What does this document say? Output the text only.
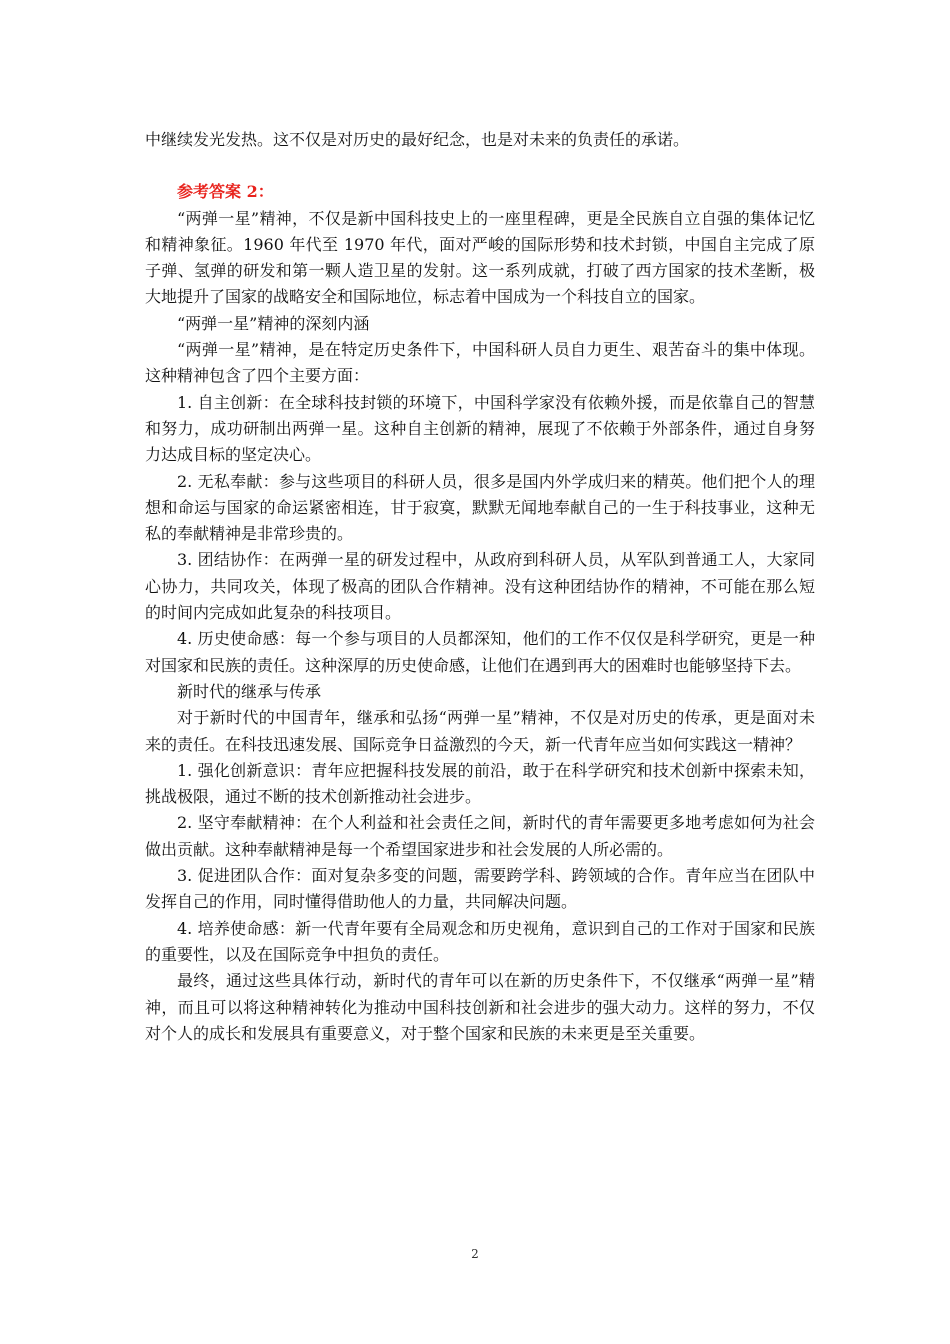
中继续发光发热。这不仅是对历史的最好纪念，也是对未来的负责任的承诺。

参考答案 2：

“两弹一星”精神，不仅是新中国科技史上的一座里程碑，更是全民族自立自强的集体记忆和精神象征。1960 年代至 1970 年代，面对严峻的国际形势和技术封锁，中国自主完成了原子弹、氢弹的研发和第一颗人造卫星的发射。这一系列成就，打破了西方国家的技术垄断，极大地提升了国家的战略安全和国际地位，标志着中国成为一个科技自立的国家。

“两弹一星”精神的深刻内涵

“两弹一星”精神，是在特定历史条件下，中国科研人员自力更生、艰苦奋斗的集中体现。这种精神包含了四个主要方面：

1. 自主创新：在全球科技封锁的环境下，中国科学家没有依赖外援，而是依靠自己的智慧和努力，成功研制出两弹一星。这种自主创新的精神，展现了不依赖于外部条件，通过自身努力达成目标的坚定决心。

2. 无私奉献：参与这些项目的科研人员，很多是国内外学成归来的精英。他们把个人的理想和命运与国家的命运紧密相连，甘于寂寞，默默无闻地奉献自己的一生于科技事业，这种无私的奉献精神是非常珍贵的。

3. 团结协作：在两弹一星的研发过程中，从政府到科研人员，从军队到普通工人，大家同心协力，共同攻关，体现了极高的团队合作精神。没有这种团结协作的精神，不可能在那么短的时间内完成如此复杂的科技项目。

4. 历史使命感：每一个参与项目的人员都深知，他们的工作不仅仅是科学研究，更是一种对国家和民族的责任。这种深厚的历史使命感，让他们在遇到再大的困难时也能够坚持下去。

新时代的继承与传承

对于新时代的中国青年，继承和弘扬“两弹一星”精神，不仅是对历史的传承，更是面对未来的责任。在科技迅速发展、国际竞争日益激烈的今天，新一代青年应当如何实践这一精神？

1. 强化创新意识：青年应把握科技发展的前沿，敢于在科学研究和技术创新中探索未知，挑战极限，通过不断的技术创新推动社会进步。

2. 坚守奉献精神：在个人利益和社会责任之间，新时代的青年需要更多地考虑如何为社会做出贡献。这种奉献精神是每一个希望国家进步和社会发展的人所必需的。

3. 促进团队合作：面对复杂多变的问题，需要跨学科、跨领域的合作。青年应当在团队中发挥自己的作用，同时懂得借助他人的力量，共同解决问题。

4. 培养使命感：新一代青年要有全局观念和历史视角，意识到自己的工作对于国家和民族的重要性，以及在国际竞争中担负的责任。

最终，通过这些具体行动，新时代的青年可以在新的历史条件下，不仅继承“两弹一星”精神，而且可以将这种精神转化为推动中国科技创新和社会进步的强大动力。这样的努力，不仅对个人的成长和发展具有重要意义，对于整个国家和民族的未来更是至关重要。

2
